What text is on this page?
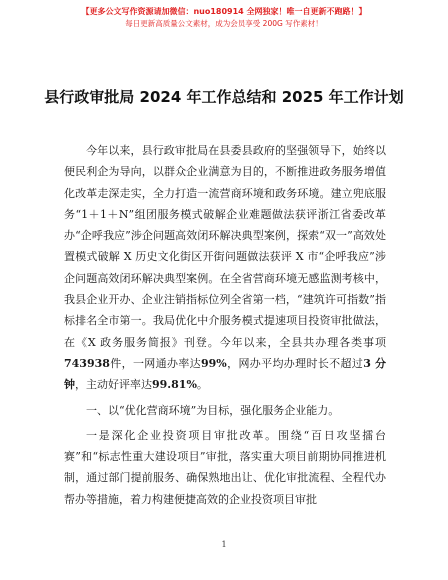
【更多公文写作资源请加微信：nuo180914 全网独家！唯一自更新不跑路！】
每日更新高质量公文素材，成为会员享受 200G 写作素材！
县行政审批局 2024 年工作总结和 2025 年工作计划

今年以来，县行政审批局在县委县政府的坚强领导下，始终以便民利企为导向，以群众企业满意为目的，不断推进政务服务增值化改革走深走实，全力打造一流营商环境和政务环境。建立兜底服务“1＋1＋N”组团服务模式破解企业难题做法获评浙江省委改革办“企呼我应”涉企问题高效闭环解决典型案例，探索“双一”高效处置模式破解 X 历史文化街区开街问题做法获评 X 市“企呼我应”涉企问题高效闭环解决典型案例。在全省营商环境无感监测考核中，我县企业开办、企业注销指标位列全省第一档，“建筑许可指数”指标排名全市第一。我局优化中介服务模式提速项目投资审批做法，在《X 政务服务简报》刊登。今年以来，全县共办理各类事项743938件，一网通办率达99%，网办平均办理时长不超过3 分钟，主动好评率达99.81%。

一、以“优化营商环境”为目标，强化服务企业能力。

一是深化企业投资项目审批改革。围绕“百日攻坚擂台赛”和“标志性重大建设项目”审批，落实重大项目前期协同推进机制，通过部门提前服务、确保熟地出让、优化审批流程、全程代办帮办等措施，着力构建便捷高效的企业投资项目审批

1
